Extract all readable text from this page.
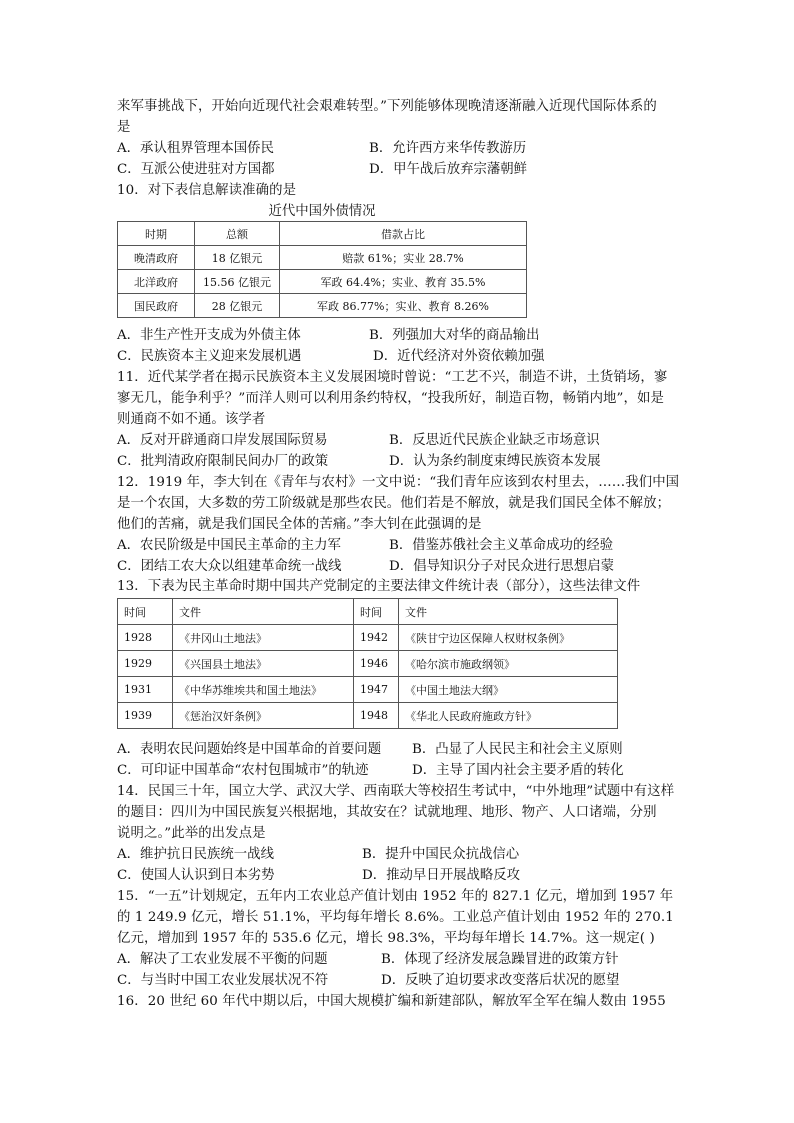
来军事挑战下，开始向近现代社会艰难转型。”下列能够体现晚清逐渐融入近现代国际体系的
是
A．承认租界管理本国侨民	B．允许西方来华传教游历
C．互派公使进驻对方国都	D．甲午战后放弃宗藩朝鲜
10．对下表信息解读准确的是
近代中国外债情况
时期	总额	借款占比
晚清政府	18 亿银元	赔款 61%；实业 28.7%
北洋政府	15.56 亿银元	军政 64.4%；实业、教育 35.5%
国民政府	28 亿银元	军政 86.77%；实业、教育 8.26%
A．非生产性开支成为外债主体	B．列强加大对华的商品输出
C．民族资本主义迎来发展机遇	D．近代经济对外资依赖加强
11．近代某学者在揭示民族资本主义发展困境时曾说：“工艺不兴，制造不讲，土货销场，寥
寥无几，能争利乎？”而洋人则可以利用条约特权，“投我所好，制造百物，畅销内地”，如是
则通商不如不通。该学者
A．反对开辟通商口岸发展国际贸易	B．反思近代民族企业缺乏市场意识
C．批判清政府限制民间办厂的政策	D．认为条约制度束缚民族资本发展
12．1919 年，李大钊在《青年与农村》一文中说：“我们青年应该到农村里去，……我们中国
是一个农国，大多数的劳工阶级就是那些农民。他们若是不解放，就是我们国民全体不解放；
他们的苦痛，就是我们国民全体的苦痛。”李大钊在此强调的是
A．农民阶级是中国民主革命的主力军	B．借鉴苏俄社会主义革命成功的经验
C．团结工农大众以组建革命统一战线	D．倡导知识分子对民众进行思想启蒙
13．下表为民主革命时期中国共产党制定的主要法律文件统计表（部分），这些法律文件
时间	文件	时间	文件
1928	《井冈山土地法》	1942	《陕甘宁边区保障人权财权条例》
1929	《兴国县土地法》	1946	《哈尔滨市施政纲领》
1931	《中华苏维埃共和国土地法》	1947	《中国土地法大纲》
1939	《惩治汉奸条例》	1948	《华北人民政府施政方针》
A．表明农民问题始终是中国革命的首要问题 B．凸显了人民民主和社会主义原则
C．可印证中国革命“农村包围城市”的轨迹	D．主导了国内社会主要矛盾的转化
14．民国三十年，国立大学、武汉大学、西南联大等校招生考试中，“中外地理”试题中有这样
的题目：四川为中国民族复兴根据地，其故安在？试就地理、地形、物产、人口诸端，分别
说明之。”此举的出发点是
A．维护抗日民族统一战线	B．提升中国民众抗战信心
C．使国人认识到日本劣势	D．推动早日开展战略反攻
15．“一五”计划规定，五年内工农业总产值计划由 1952 年的 827.1 亿元，增加到 1957 年
的 1 249.9 亿元，增长 51.1%，平均每年增长 8.6%。工业总产值计划由 1952 年的 270.1
亿元，增加到 1957 年的 535.6 亿元，增长 98.3%，平均每年增长 14.7%。这一规定( )
A．解决了工农业发展不平衡的问题	B．体现了经济发展急躁冒进的政策方针
C．与当时中国工农业发展状况不符	D．反映了迫切要求改变落后状况的愿望
16．20 世纪 60 年代中期以后，中国大规模扩编和新建部队，解放军全军在编人数由 1955
